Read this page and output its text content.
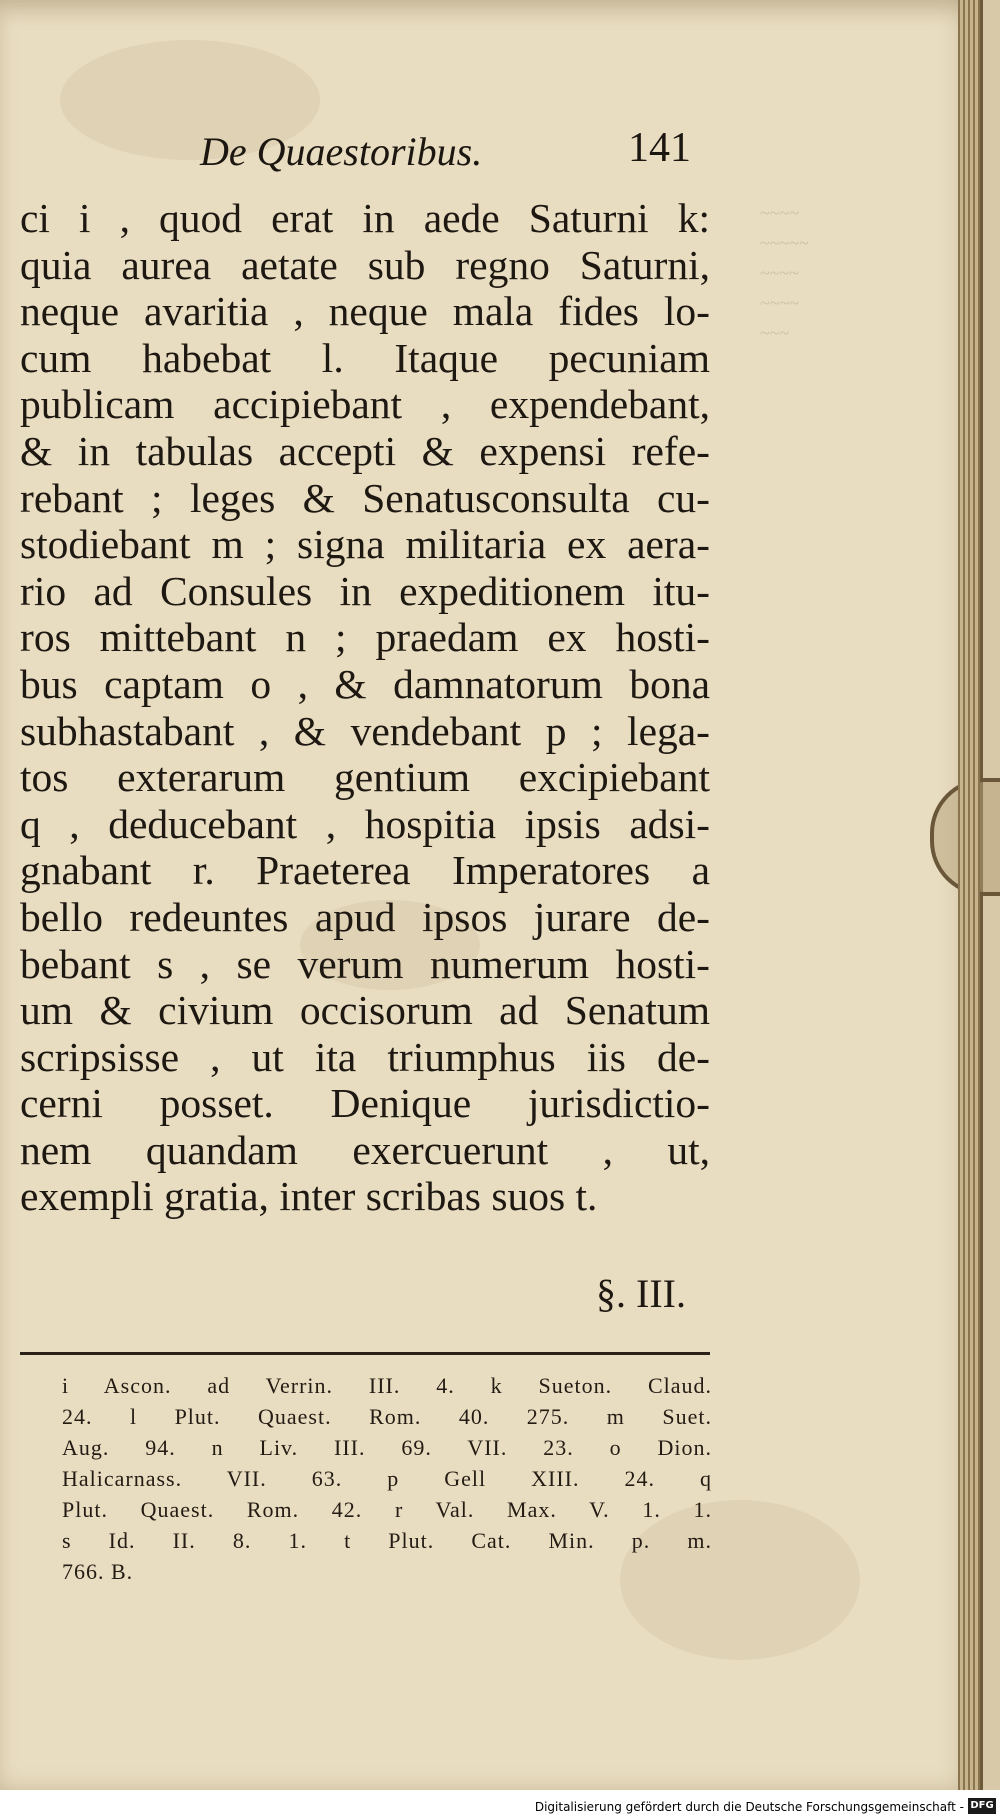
~~~~
~~~~~
~~~~
~~~~
~~~
De Quaestoribus.	141
ci i , quod erat in aede Saturni k:
quia aurea aetate sub regno Saturni,
neque avaritia , neque mala fides lo-
cum habebat l. Itaque pecuniam
publicam accipiebant , expendebant,
& in tabulas accepti & expensi refe-
rebant ; leges & Senatusconsulta cu-
stodiebant m ; signa militaria ex aera-
rio ad Consules in expeditionem itu-
ros mittebant n ; praedam ex hosti-
bus captam o , & damnatorum bona
subhastabant , & vendebant p ; lega-
tos exterarum gentium excipiebant
q , deducebant , hospitia ipsis adsi-
gnabant r. Praeterea Imperatores a
bello redeuntes apud ipsos jurare de-
bebant s , se verum numerum hosti-
um & civium occisorum ad Senatum
scripsisse , ut ita triumphus iis de-
cerni posset. Denique jurisdictio-
nem quandam exercuerunt , ut,
exempli gratia, inter scribas suos t.
§. III.
i Ascon. ad Verrin. III. 4. k Sueton. Claud.
24. l Plut. Quaest. Rom. 40. 275. m Suet.
Aug. 94. n Liv. III. 69. VII. 23. o Dion.
Halicarnass. VII. 63. p Gell XIII. 24. q
Plut. Quaest. Rom. 42. r Val. Max. V. 1. 1.
s Id. II. 8. 1. t Plut. Cat. Min. p. m.
766. B.
Digitalisierung gefördert durch die Deutsche Forschungsgemeinschaft - DFG
